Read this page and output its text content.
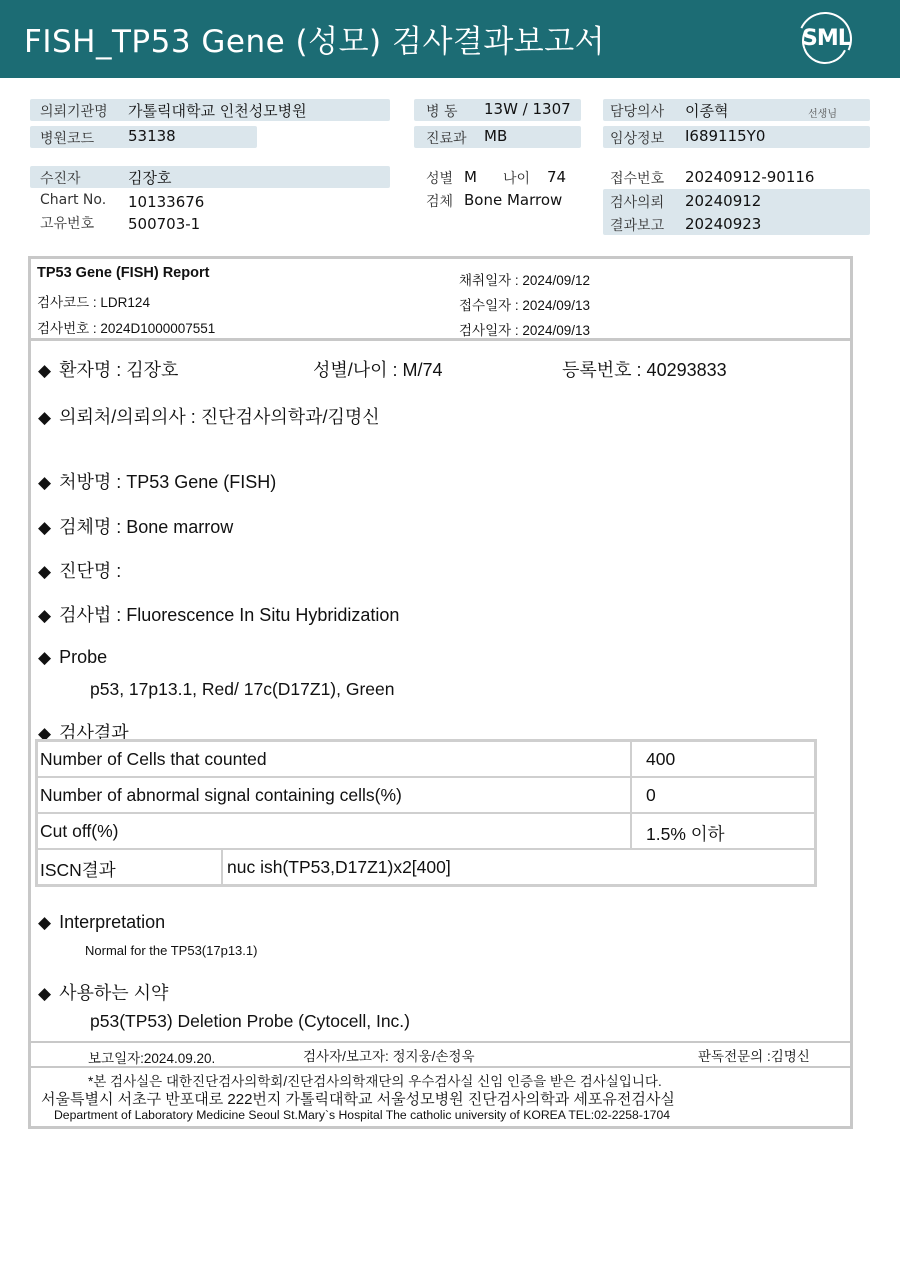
FISH_TP53 Gene (성모) 검사결과보고서	SML
의뢰기관명 가톨릭대학교 인천성모병원	병 동 13W / 1307	담당의사 이종혁	선생님
병원코드 53138	진료과 MB	임상정보 I689115Y0
수진자	김장호
Chart No. 10133676
고유번호 500703-1
성별 M 나이 74
검체 Bone Marrow
접수번호 20240912-90116
검사의뢰 20240912
결과보고 20240923
TP53 Gene (FISH) Report
검사코드 : LDR124
검사번호 : 2024D1000007551
채취일자 : 2024/09/12
접수일자 : 2024/09/13
검사일자 : 2024/09/13
◆ 환자명 : 김장호	성별/나이 : M/74	등록번호 : 40293833
◆ 의뢰처/의뢰의사 : 진단검사의학과/김명신
◆ 처방명 : TP53 Gene (FISH)
◆ 검체명 : Bone marrow
◆ 진단명 :
◆ 검사법 : Fluorescence In Situ Hybridization
◆ Probe
p53, 17p13.1, Red/ 17c(D17Z1), Green
◆ 검사결과
Number of Cells that counted	400
Number of abnormal signal containing cells(%)	0
Cut off(%)	1.5% 이하
ISCN결과	nuc ish(TP53,D17Z1)x2[400]
◆ Interpretation
Normal for the TP53(17p13.1)
◆ 사용하는 시약
p53(TP53) Deletion Probe (Cytocell, Inc.)
보고일자:2024.09.20.	검사자/보고자: 정지웅/손정욱	판독전문의 :김명신
*본 검사실은 대한진단검사의학회/진단검사의학재단의 우수검사실 신임 인증을 받은 검사실입니다.
서울특별시 서초구 반포대로 222번지 가톨릭대학교 서울성모병원 진단검사의학과 세포유전검사실
Department of Laboratory Medicine Seoul St.Mary`s Hospital The catholic university of KOREA TEL:02-2258-1704
